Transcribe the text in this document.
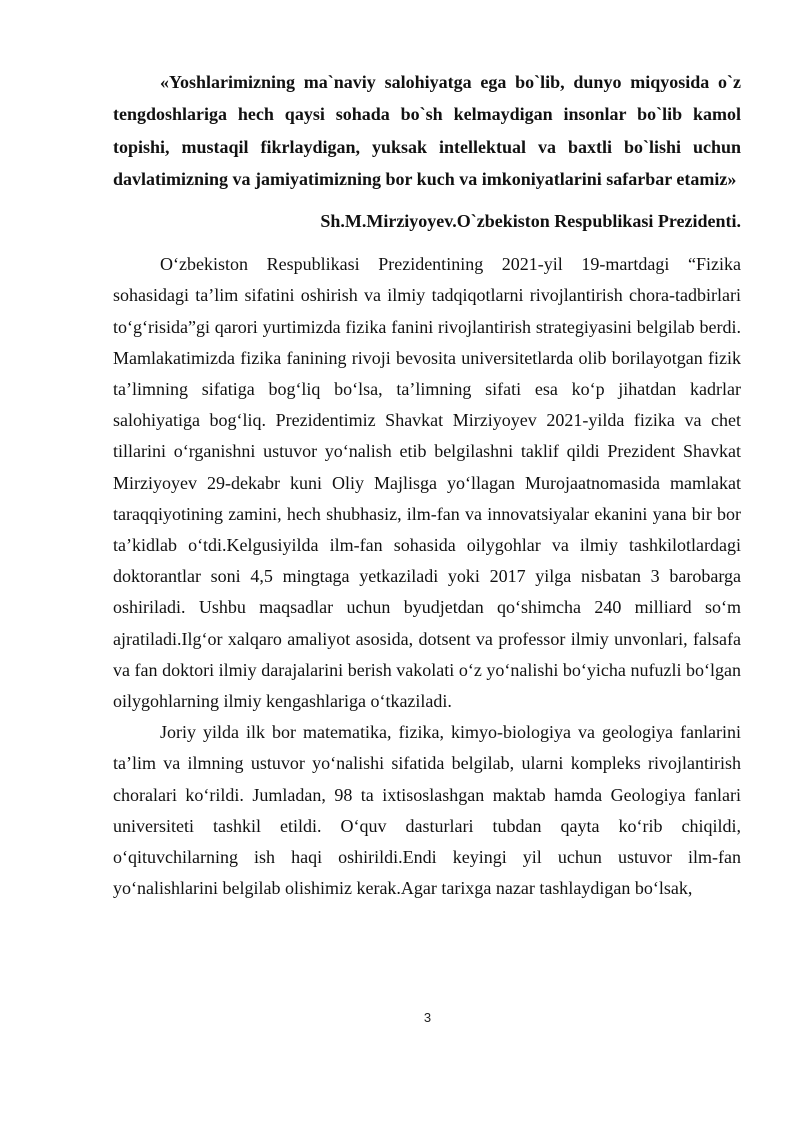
«Yoshlarimizning ma`naviy salohiyatga ega bo`lib, dunyo miqyosida o`z tengdoshlariga hech qaysi sohada bo`sh kelmaydigan insonlar bo`lib kamol topishi, mustaqil fikrlaydigan, yuksak intellektual va baxtli bo`lishi uchun davlatimizning va jamiyatimizning bor kuch va imkoniyatlarini safarbar etamiz»

Sh.M.Mirziyoyev.O`zbekiston Respublikasi Prezidenti.

O‘zbekiston Respublikasi Prezidentining 2021-yil 19-martdagi “Fizika sohasidagi ta’lim sifatini oshirish va ilmiy tadqiqotlarni rivojlantirish chora-tadbirlari to‘g‘risida”gi qarori yurtimizda fizika fanini rivojlantirish strategiyasini belgilab berdi. Mamlakatimizda fizika fanining rivoji bevosita universitetlarda olib borilayotgan fizik ta’limning sifatiga bog‘liq bo‘lsa, ta’limning sifati esa ko‘p jihatdan kadrlar salohiyatiga bog‘liq. Prezidentimiz Shavkat Mirziyoyev 2021-yilda fizika va chet tillarini o‘rganishni ustuvor yo‘nalish etib belgilashni taklif qildi Prezident Shavkat Mirziyoyev 29-dekabr kuni Oliy Majlisga yo‘llagan Murojaatnomasida mamlakat taraqqiyotining zamini, hech shubhasiz, ilm-fan va innovatsiyalar ekanini yana bir bor ta’kidlab o‘tdi.Kelgusiyilda ilm-fan sohasida oilygohlar va ilmiy tashkilotlardagi doktorantlar soni 4,5 mingtaga yetkaziladi yoki 2017 yilga nisbatan 3 barobarga oshiriladi. Ushbu maqsadlar uchun byudjetdan qo‘shimcha 240 milliard so‘m ajratiladi.Ilg‘or xalqaro amaliyot asosida, dotsent va professor ilmiy unvonlari, falsafa va fan doktori ilmiy darajalarini berish vakolati o‘z yo‘nalishi bo‘yicha nufuzli bo‘lgan oilygohlarning ilmiy kengashlariga o‘tkaziladi.

Joriy yilda ilk bor matematika, fizika, kimyo-biologiya va geologiya fanlarini ta’lim va ilmning ustuvor yo‘nalishi sifatida belgilab, ularni kompleks rivojlantirish choralari ko‘rildi. Jumladan, 98 ta ixtisoslashgan maktab hamda Geologiya fanlari universiteti tashkil etildi. O‘quv dasturlari tubdan qayta ko‘rib chiqildi, o‘qituvchilarning ish haqi oshirildi.Endi keyingi yil uchun ustuvor ilm-fan yo‘nalishlarini belgilab olishimiz kerak.Agar tarixga nazar tashlaydigan bo‘lsak,

3
